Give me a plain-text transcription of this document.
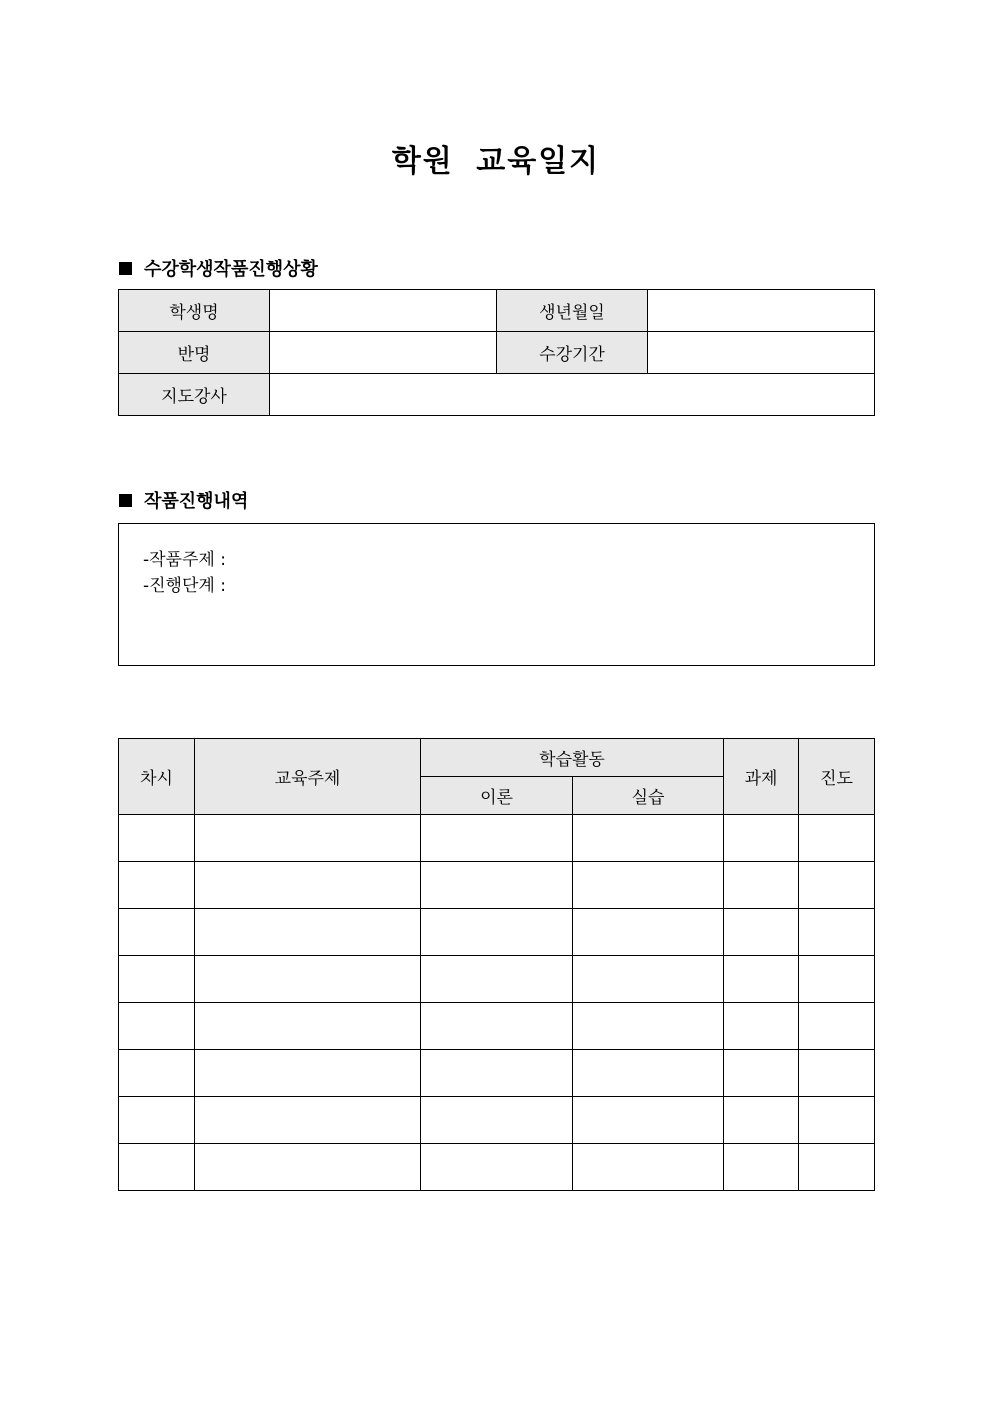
학원 교육일지
수강학생작품진행상황
학생명		생년월일	
반명		수강기간	
지도강사			
작품진행내역
-작품주제 :
-진행단계 :
차시	교육주제	학습활동		과제	진도
		이론	실습		
